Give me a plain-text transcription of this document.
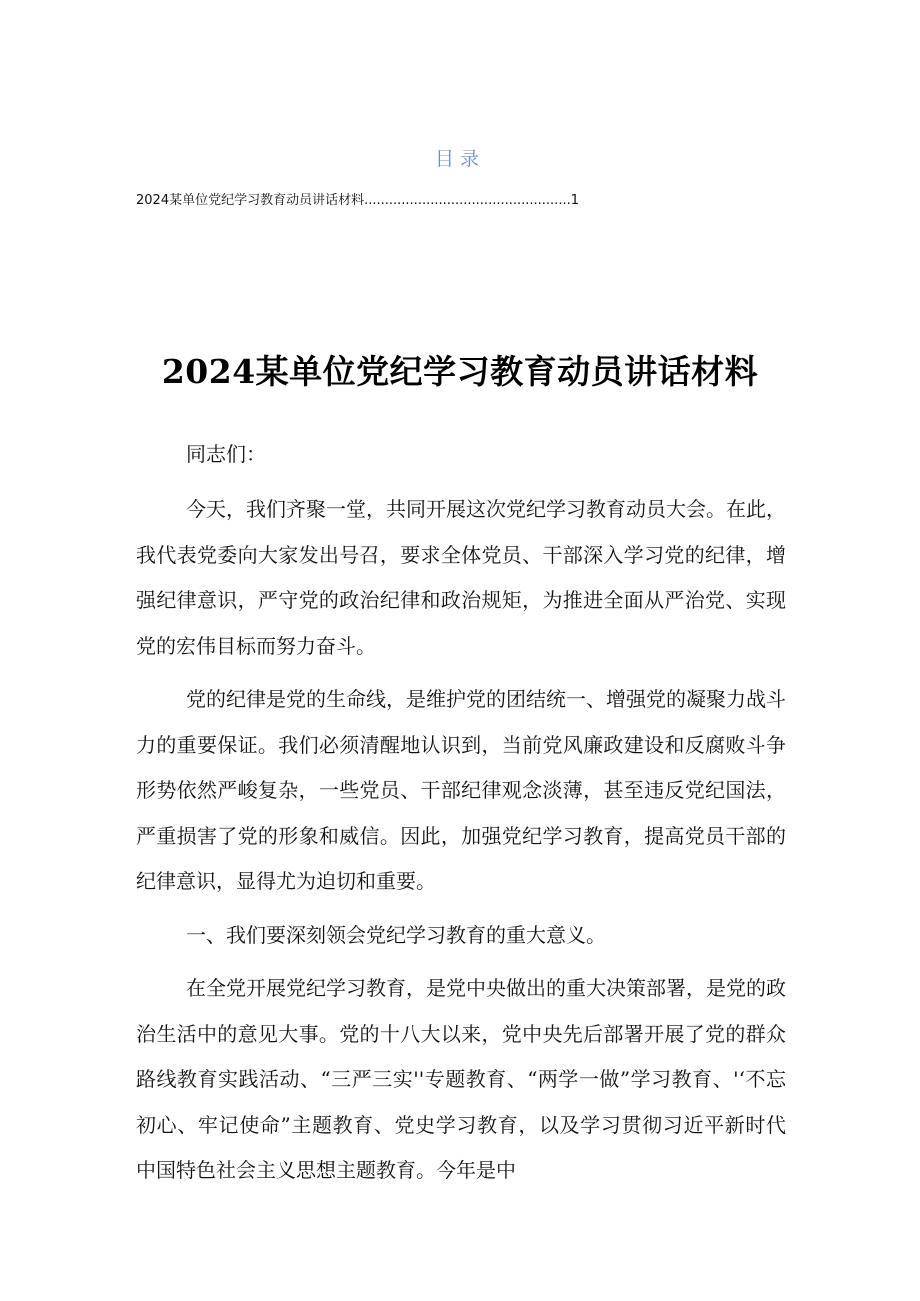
目录
2024某单位党纪学习教育动员讲话材料..................................................1
2024某单位党纪学习教育动员讲话材料

同志们：

今天，我们齐聚一堂，共同开展这次党纪学习教育动员大会。在此，我代表党委向大家发出号召，要求全体党员、干部深入学习党的纪律，增强纪律意识，严守党的政治纪律和政治规矩，为推进全面从严治党、实现党的宏伟目标而努力奋斗。

党的纪律是党的生命线，是维护党的团结统一、增强党的凝聚力战斗力的重要保证。我们必须清醒地认识到，当前党风廉政建设和反腐败斗争形势依然严峻复杂，一些党员、干部纪律观念淡薄，甚至违反党纪国法，严重损害了党的形象和威信。因此，加强党纪学习教育，提高党员干部的纪律意识，显得尤为迫切和重要。

一、我们要深刻领会党纪学习教育的重大意义。

在全党开展党纪学习教育，是党中央做出的重大决策部署，是党的政治生活中的意见大事。党的十八大以来，党中央先后部署开展了党的群众路线教育实践活动、“三严三实''专题教育、“两学一做”学习教育、'‘不忘初心、牢记使命”主题教育、党史学习教育，以及学习贯彻习近平新时代中国特色社会主义思想主题教育。今年是中
